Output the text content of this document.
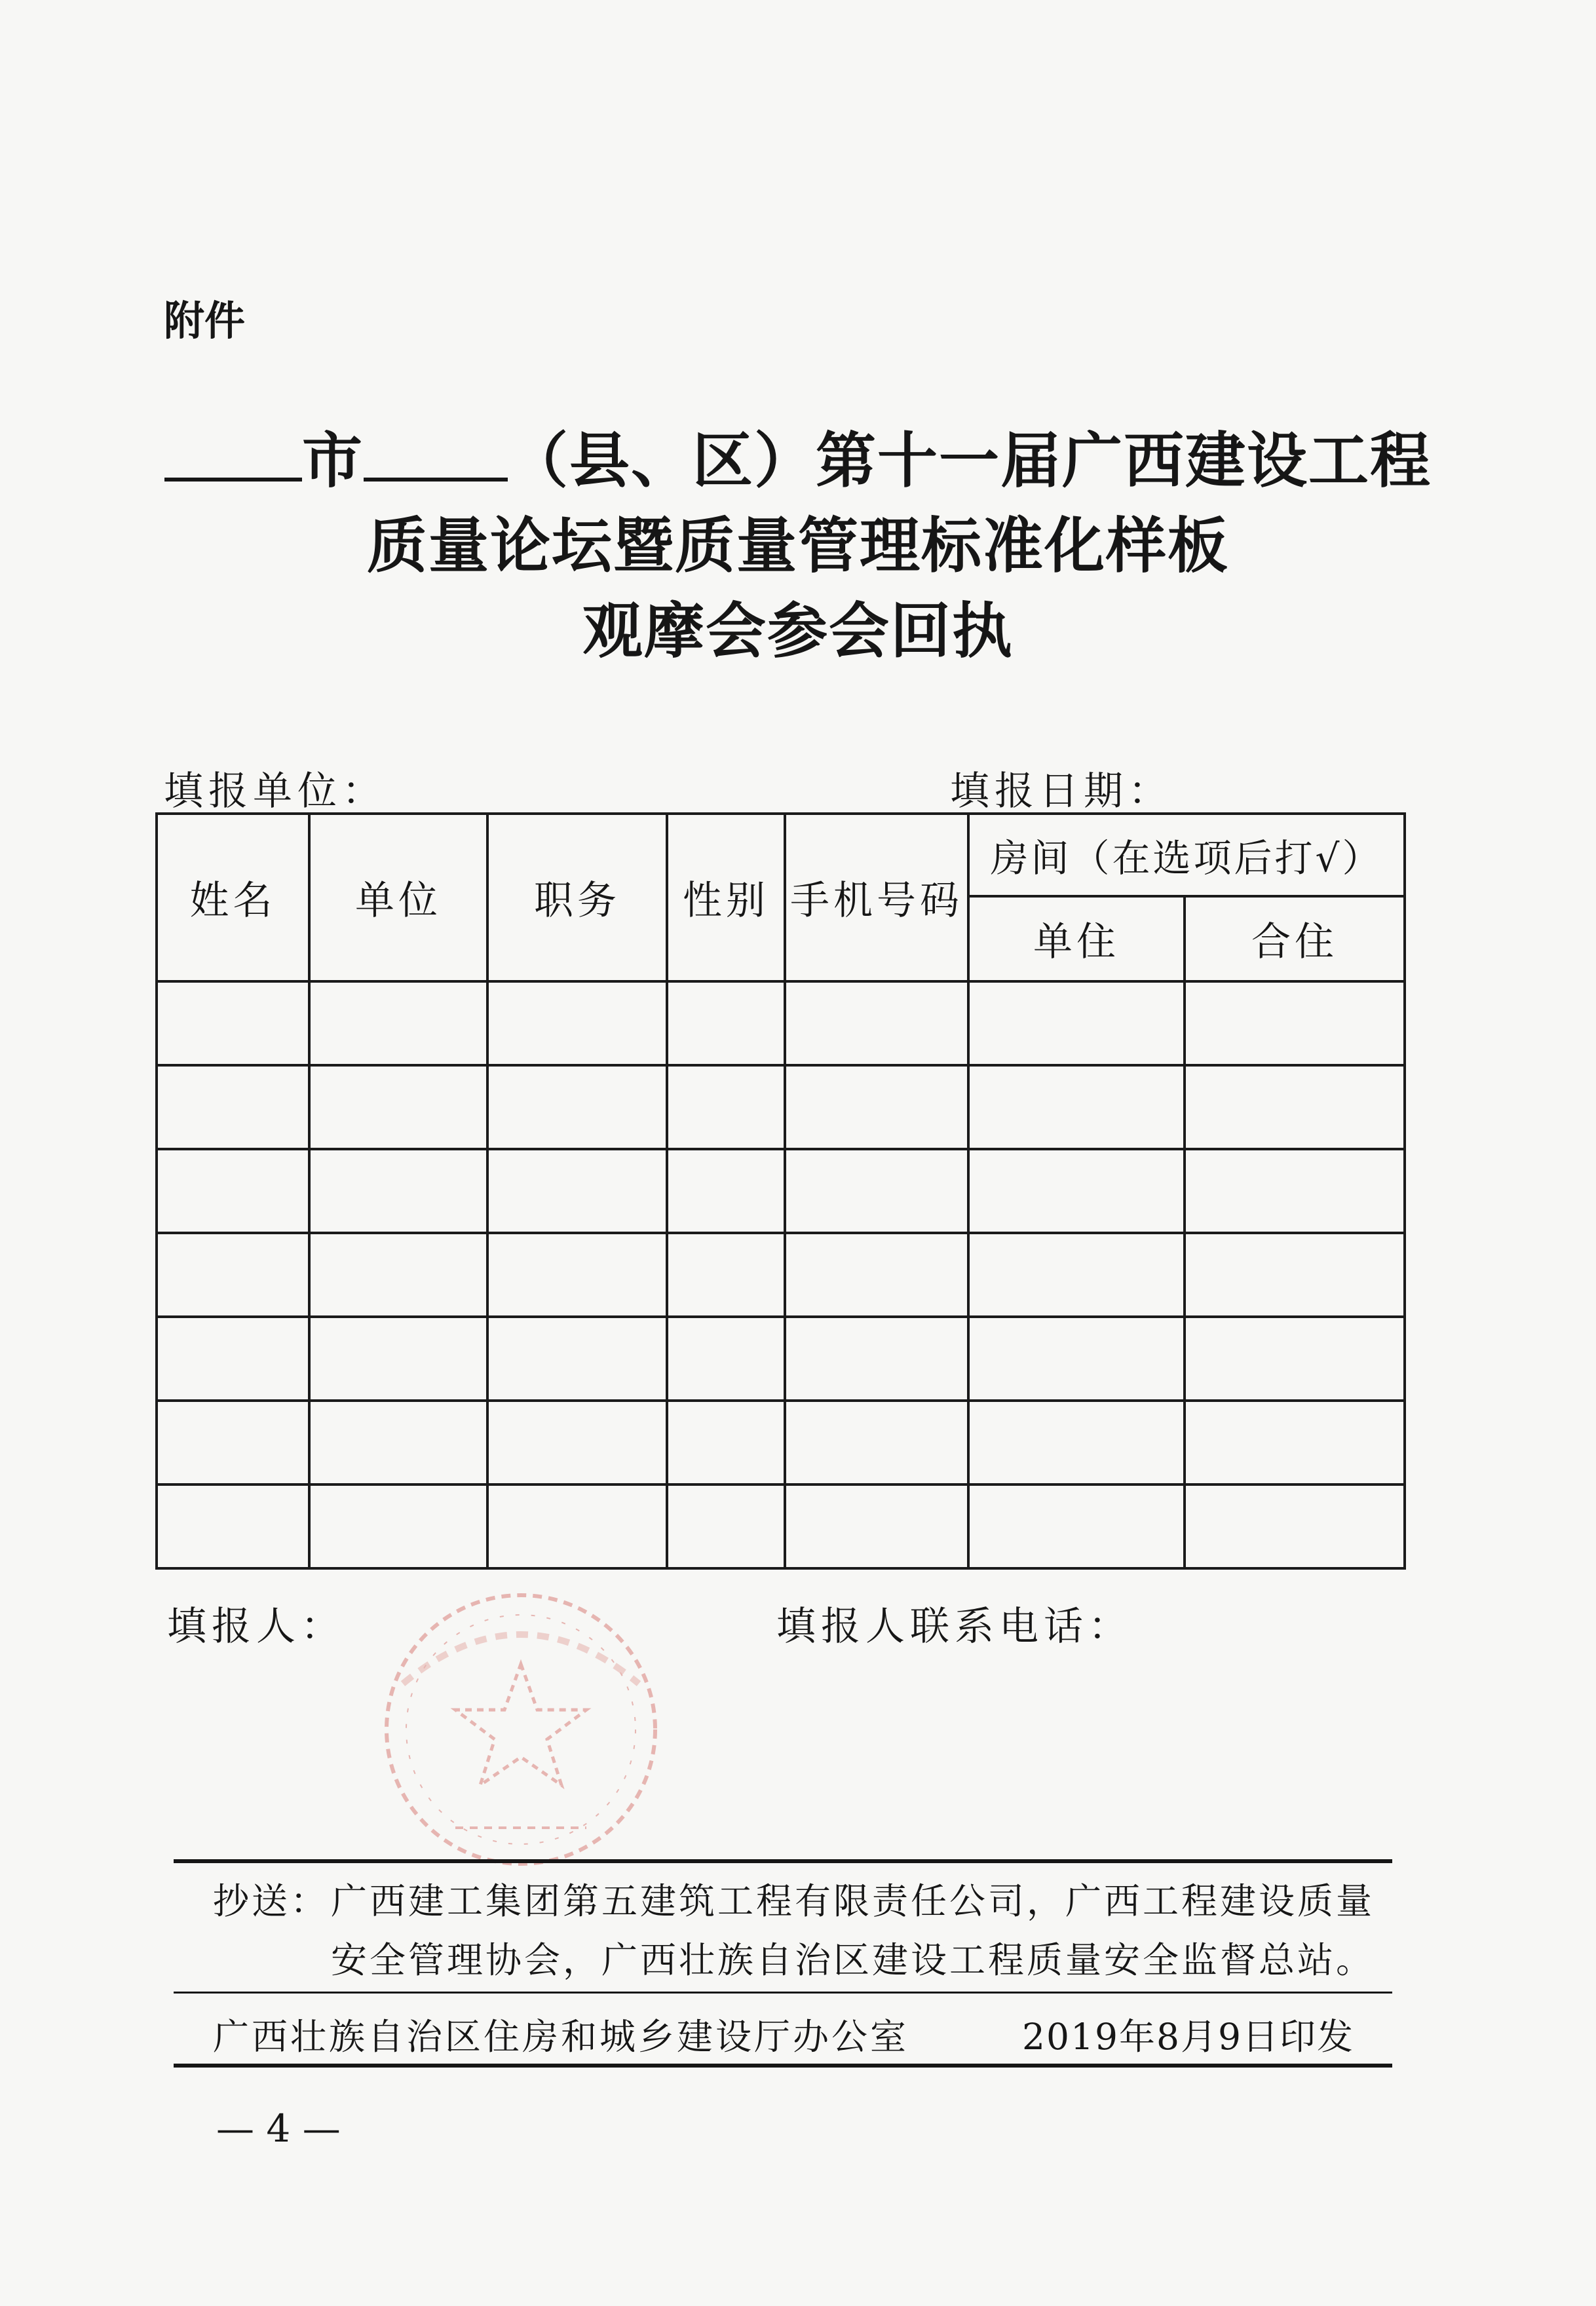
附件
市 （县、区）第十一届广西建设工程
质量论坛暨质量管理标准化样板
观摩会参会回执
填报单位：	填报日期：
姓名	单位	职务	性别	手机号码	房间（在选项后打√）	
					单住	合住

填报人：	填报人联系电话：
抄送： 广西建工集团第五建筑工程有限责任公司，广西工程建设质量
安全管理协会，广西壮族自治区建设工程质量安全监督总站。
广西壮族自治区住房和城乡建设厅办公室	2019年8月9日印发
— 4 —
